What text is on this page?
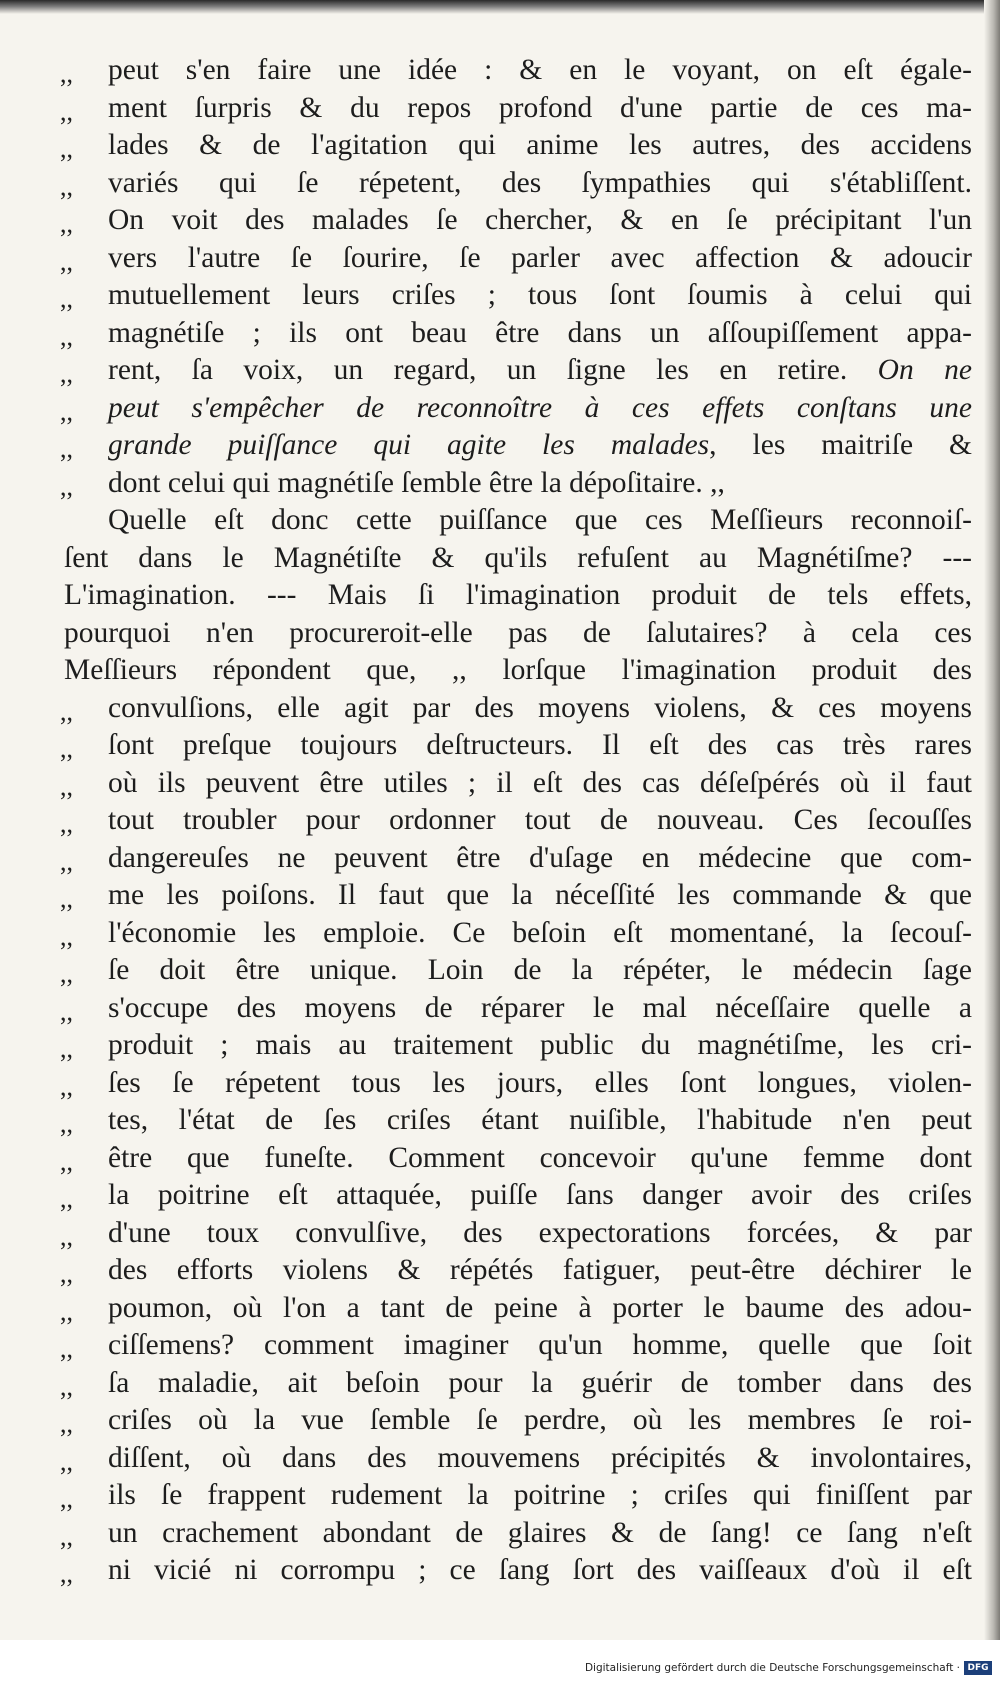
,,	peut s'en faire une idée : & en le voyant, on eſt égale-
,,	ment ſurpris & du repos profond d'une partie de ces ma-
,,	lades & de l'agitation qui anime les autres, des accidens
,,	variés qui ſe répetent, des ſympathies qui s'établiſſent.
,,	On voit des malades ſe chercher, & en ſe précipitant l'un
,,	vers l'autre ſe ſourire, ſe parler avec affection & adoucir
,,	mutuellement leurs criſes ; tous ſont ſoumis à celui qui
,,	magnétiſe ; ils ont beau être dans un aſſoupiſſement appa-
,,	rent, ſa voix, un regard, un ſigne les en retire. On ne
,,	peut s'empêcher de reconnoître à ces effets conſtans une
,,	grande puiſſance qui agite les malades, les maitriſe &
,,	dont celui qui magnétiſe ſemble être la dépoſitaire. ,,
Quelle eſt donc cette puiſſance que ces Meſſieurs reconnoiſ-
ſent dans le Magnétiſte & qu'ils refuſent au Magnétiſme? ---
L'imagination. --- Mais ſi l'imagination produit de tels effets,
pourquoi n'en procureroit-elle pas de ſalutaires? à cela ces
Meſſieurs répondent que, ,, lorſque l'imagination produit des
,,	convulſions, elle agit par des moyens violens, & ces moyens
,,	ſont preſque toujours deſtructeurs. Il eſt des cas très rares
,,	où ils peuvent être utiles ; il eſt des cas déſeſpérés où il faut
,,	tout troubler pour ordonner tout de nouveau. Ces ſecouſſes
,,	dangereuſes ne peuvent être d'uſage en médecine que com-
,,	me les poiſons. Il faut que la néceſſité les commande & que
,,	l'économie les emploie. Ce beſoin eſt momentané, la ſecouſ-
,,	ſe doit être unique. Loin de la répéter, le médecin ſage
,,	s'occupe des moyens de réparer le mal néceſſaire quelle a
,,	produit ; mais au traitement public du magnétiſme, les cri-
,,	ſes ſe répetent tous les jours, elles ſont longues, violen-
,,	tes, l'état de ſes criſes étant nuiſible, l'habitude n'en peut
,,	être que funeſte. Comment concevoir qu'une femme dont
,,	la poitrine eſt attaquée, puiſſe ſans danger avoir des criſes
,,	d'une toux convulſive, des expectorations forcées, & par
,,	des efforts violens & répétés fatiguer, peut-être déchirer le
,,	poumon, où l'on a tant de peine à porter le baume des adou-
,,	ciſſemens? comment imaginer qu'un homme, quelle que ſoit
,,	ſa maladie, ait beſoin pour la guérir de tomber dans des
,,	criſes où la vue ſemble ſe perdre, où les membres ſe roi-
,,	diſſent, où dans des mouvemens précipités & involontaires,
,,	ils ſe frappent rudement la poitrine ; criſes qui finiſſent par
,,	un crachement abondant de glaires & de ſang! ce ſang n'eſt
,,	ni vicié ni corrompu ; ce ſang ſort des vaiſſeaux d'où il eſt
Digitalisierung gefördert durch die Deutsche Forschungsgemeinschaft · DFG
